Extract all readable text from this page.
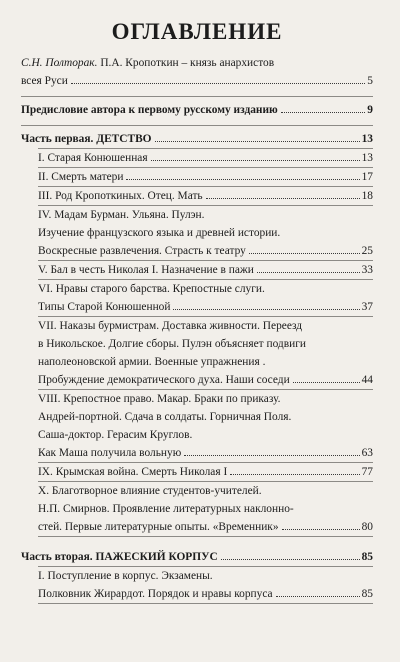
ОГЛАВЛЕНИЕ
С.Н. Полторак. П.А. Кропоткин – князь анархистов
всея Руси	5
Предисловие автора к первому русскому изданию	9
Часть первая. ДЕТСТВО	13
I. Старая Конюшенная	13
II. Смерть матери	17
III. Род Кропоткиных. Отец. Мать	18
IV. Мадам Бурман. Ульяна. Пулэн.
Изучение французского языка и древней истории.
Воскресные развлечения. Страсть к театру	25
V. Бал в честь Николая I. Назначение в пажи	33
VI. Нравы старого барства. Крепостные слуги.
Типы Старой Конюшенной	37
VII. Наказы бурмистрам. Доставка живности. Переезд
в Никольское. Долгие сборы. Пулэн объясняет подвиги
наполеоновской армии. Военные упражнения .
Пробуждение демократического духа. Наши соседи	44
VIII. Крепостное право. Макар. Браки по приказу.
Андрей-портной. Сдача в солдаты. Горничная Поля.
Саша-доктор. Герасим Круглов.
Как Маша получила вольную	63
IX. Крымская война. Смерть Николая I	77
X. Благотворное влияние студентов-учителей.
Н.П. Смирнов. Проявление литературных наклонно-
стей. Первые литературные опыты. «Временник»	80
Часть вторая. ПАЖЕСКИЙ КОРПУС	85
I. Поступление в корпус. Экзамены.
Полковник Жирардот. Порядок и нравы корпуса	85
